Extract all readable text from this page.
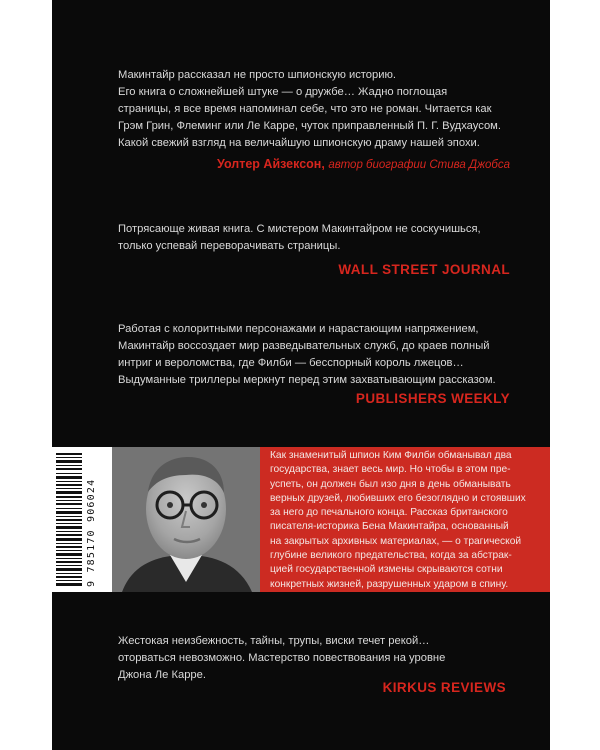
Макинтайр рассказал не просто шпионскую историю.

Его книга о сложнейшей штуке — о дружбе… Жадно поглощая

страницы, я все время напоминал себе, что это не роман. Читается как

Грэм Грин, Флеминг или Ле Карре, чуток приправленный П. Г. Вудхаусом.

Какой свежий взгляд на величайшую шпионскую драму нашей эпохи.

Уолтер Айзексон, автор биографии Стива Джобса

Потрясающе живая книга. С мистером Макинтайром не соскучишься,

только успевай переворачивать страницы.

WALL STREET JOURNAL

Работая с колоритными персонажами и нарастающим напряжением,

Макинтайр воссоздает мир разведывательных служб, до краев полный

интриг и вероломства, где Филби — бесспорный король лжецов…

Выдуманные триллеры меркнут перед этим захватывающим рассказом.

PUBLISHERS WEEKLY

Жестокая неизбежность, тайны, трупы, виски течет рекой…

оторваться невозможно. Мастерство повествования на уровне

Джона Ле Карре.

KIRKUS REVIEWS
9 785170 906024

Как знаменитый шпион Ким Филби обманывал два

государства, знает весь мир. Но чтобы в этом пре-

успеть, он должен был изо дня в день обманывать

верных друзей, любивших его безоглядно и стоявших

за него до печального конца. Рассказ британского

писателя-историка Бена Макинтайра, основанный

на закрытых архивных материалах, — о трагической

глубине великого предательства, когда за абстрак-

цией государственной измены скрываются сотни

конкретных жизней, разрушенных ударом в спину.
